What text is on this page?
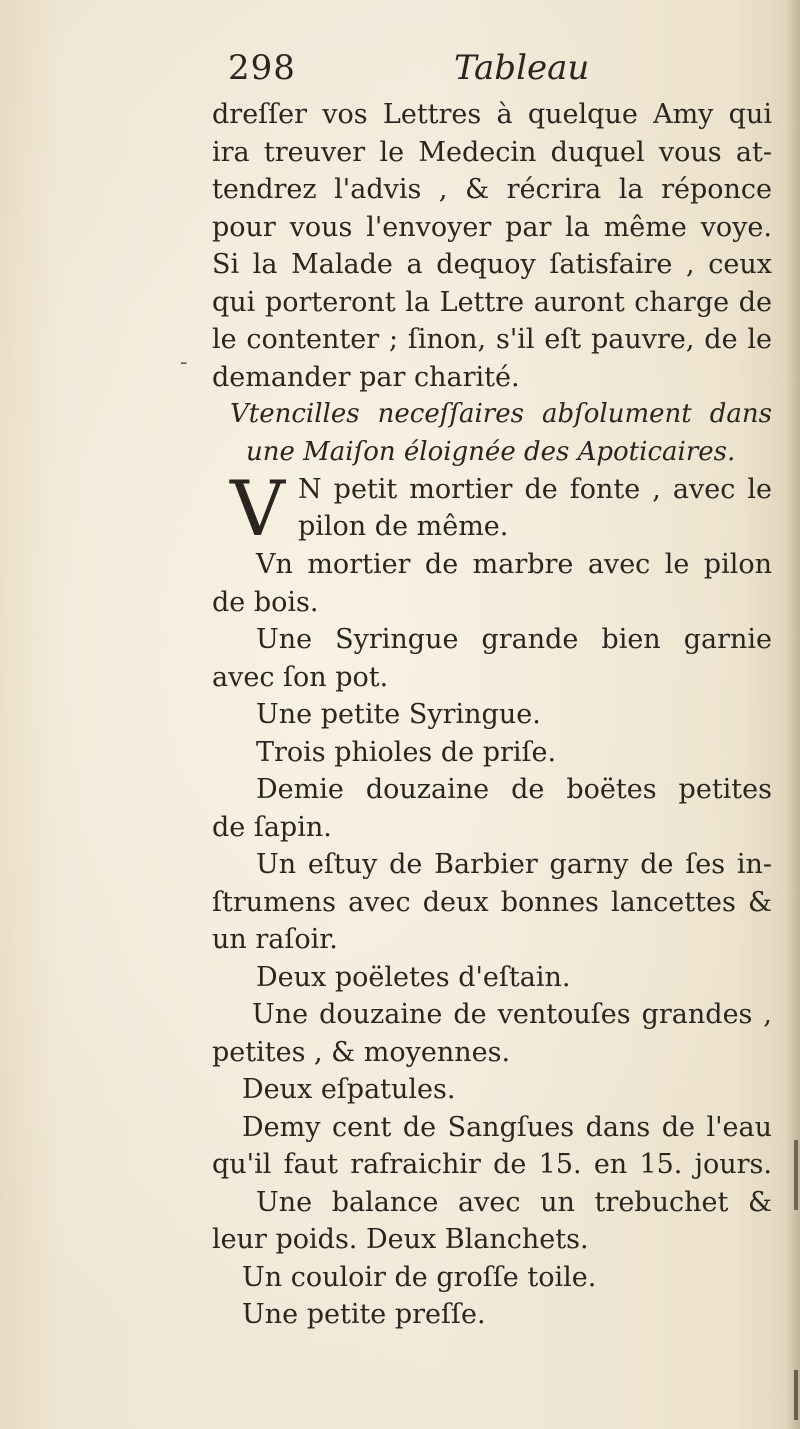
298	Tableau
-
dreſſer vos Lettres à quelque Amy qui
ira treuver le Medecin duquel vous at-
tendrez l'advis , & récrira la réponce
pour vous l'envoyer par la même voye.
Si la Malade a dequoy ſatisfaire , ceux
qui porteront la Lettre auront charge de
le contenter ; ſinon, s'il eſt pauvre, de le
demander par charité.
Vtencilles neceſſaires abſolument dans
une Maiſon éloignée des Apoticaires.
V N petit mortier de fonte , avec le
pilon de même.
Vn mortier de marbre avec le pilon
de bois.
Une Syringue grande bien garnie
avec ſon pot.
Une petite Syringue.
Trois phioles de priſe.
Demie douzaine de boëtes petites
de ſapin.
Un eſtuy de Barbier garny de ſes in-
ſtrumens avec deux bonnes lancettes &
un raſoir.
Deux poëletes d'eſtain.
Une douzaine de ventouſes grandes ,
petites , & moyennes.
Deux eſpatules.
Demy cent de Sangſues dans de l'eau
qu'il faut rafraichir de 15. en 15. jours.
Une balance avec un trebuchet &
leur poids. Deux Blanchets.
Un couloir de groſſe toile.
Une petite preſſe.
